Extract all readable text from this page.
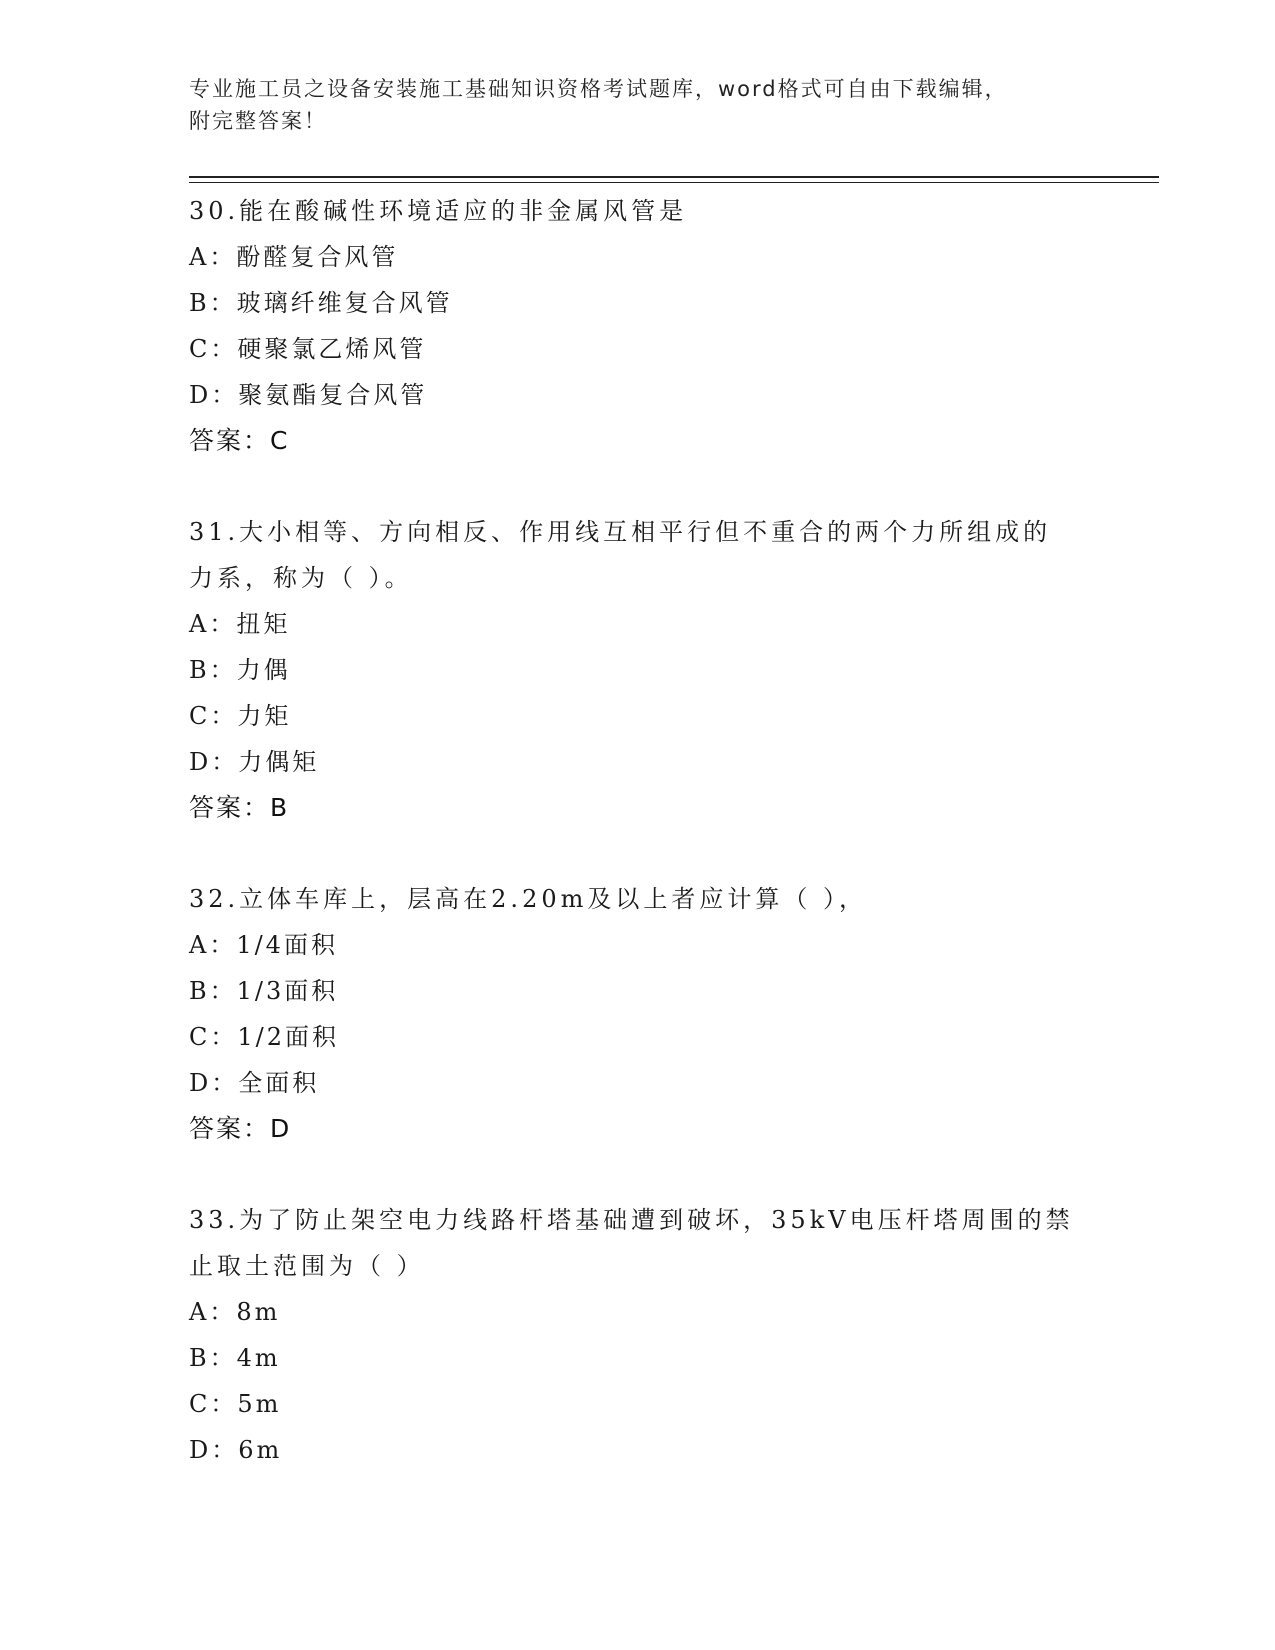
专业施工员之设备安装施工基础知识资格考试题库，word格式可自由下载编辑，
附完整答案！

30.能在酸碱性环境适应的非金属风管是

A：酚醛复合风管

B：玻璃纤维复合风管

C：硬聚氯乙烯风管

D：聚氨酯复合风管

答案：C

31.大小相等、方向相反、作用线互相平行但不重合的两个力所组成的

力系，称为（ ）。

A：扭矩

B：力偶

C：力矩

D：力偶矩

答案：B

32.立体车库上，层高在2.20m及以上者应计算（ ），

A：1/4面积

B：1/3面积

C：1/2面积

D：全面积

答案：D

33.为了防止架空电力线路杆塔基础遭到破坏，35kV电压杆塔周围的禁

止取土范围为（ ）

A：8m

B：4m

C：5m

D：6m
